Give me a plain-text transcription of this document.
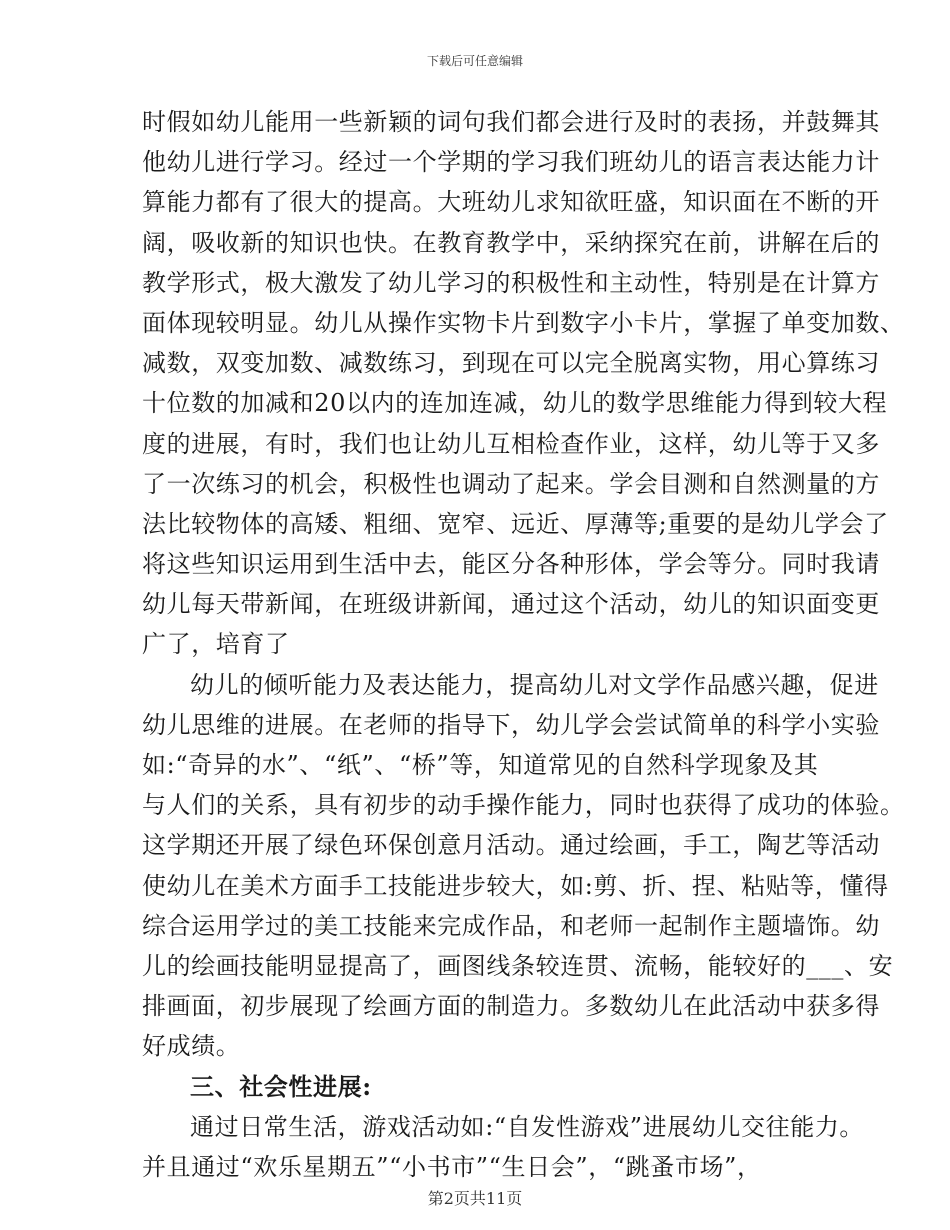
下载后可任意编辑
时假如幼儿能用一些新颖的词句我们都会进行及时的表扬，并鼓舞其
他幼儿进行学习。经过一个学期的学习我们班幼儿的语言表达能力计
算能力都有了很大的提高。大班幼儿求知欲旺盛，知识面在不断的开
阔，吸收新的知识也快。在教育教学中，采纳探究在前，讲解在后的
教学形式，极大激发了幼儿学习的积极性和主动性，特别是在计算方
面体现较明显。幼儿从操作实物卡片到数字小卡片，掌握了单变加数、
减数，双变加数、减数练习，到现在可以完全脱离实物，用心算练习
十位数的加减和20以内的连加连减，幼儿的数学思维能力得到较大程
度的进展，有时，我们也让幼儿互相检查作业，这样，幼儿等于又多
了一次练习的机会，积极性也调动了起来。学会目测和自然测量的方
法比较物体的高矮、粗细、宽窄、远近、厚薄等;重要的是幼儿学会了
将这些知识运用到生活中去，能区分各种形体，学会等分。同时我请
幼儿每天带新闻，在班级讲新闻，通过这个活动，幼儿的知识面变更
广了，培育了
幼儿的倾听能力及表达能力，提高幼儿对文学作品感兴趣，促进
幼儿思维的进展。在老师的指导下，幼儿学会尝试简单的科学小实验
如:“奇异的水”、“纸”、“桥”等，知道常见的自然科学现象及其
与人们的关系，具有初步的动手操作能力，同时也获得了成功的体验。
这学期还开展了绿色环保创意月活动。通过绘画，手工，陶艺等活动
使幼儿在美术方面手工技能进步较大，如:剪、折、捏、粘贴等，懂得
综合运用学过的美工技能来完成作品，和老师一起制作主题墙饰。幼
儿的绘画技能明显提高了，画图线条较连贯、流畅，能较好的___、安
排画面，初步展现了绘画方面的制造力。多数幼儿在此活动中获多得
好成绩。
三、社会性进展:
通过日常生活，游戏活动如:“自发性游戏”进展幼儿交往能力。
并且通过“欢乐星期五”“小书市”“生日会”，“跳蚤市场”，
第2页共11页
